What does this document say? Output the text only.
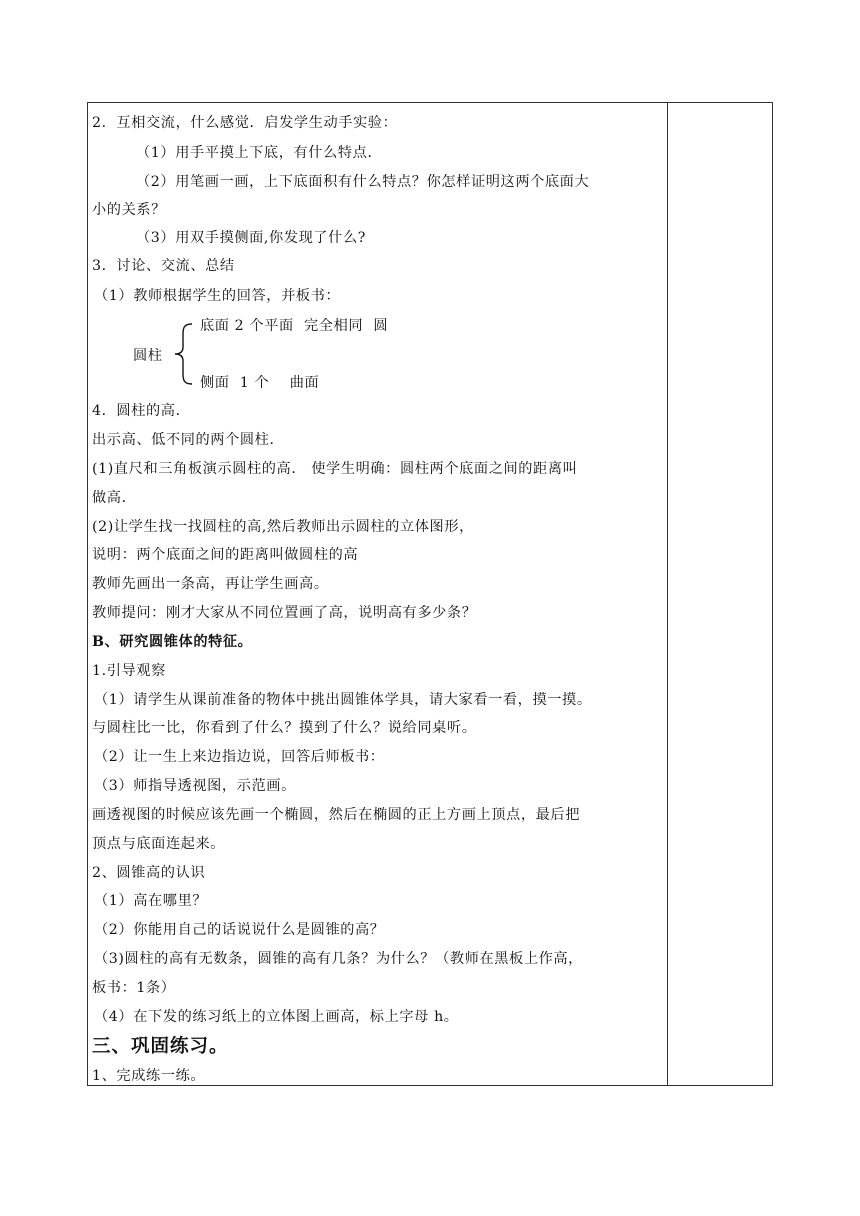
2．互相交流，什么感觉．启发学生动手实验：
（1）用手平摸上下底，有什么特点．
（2）用笔画一画，上下底面积有什么特点？你怎样证明这两个底面大
小的关系？
（3）用双手摸侧面,你发现了什么?
3．讨论、交流、总结
（1）教师根据学生的回答，并板书：
圆柱
底面 2 个平面  完全相同  圆
侧面  1 个    曲面
4．圆柱的高．
出示高、低不同的两个圆柱．
(1)直尺和三角板演示圆柱的高． 使学生明确：圆柱两个底面之间的距离叫
做高．
(2)让学生找一找圆柱的高,然后教师出示圆柱的立体图形，
说明：两个底面之间的距离叫做圆柱的高
教师先画出一条高，再让学生画高。
教师提问：刚才大家从不同位置画了高，说明高有多少条？
B、研究圆锥体的特征。
1.引导观察
（1）请学生从课前准备的物体中挑出圆锥体学具，请大家看一看，摸一摸。
与圆柱比一比，你看到了什么？摸到了什么？说给同桌听。
（2）让一生上来边指边说，回答后师板书：
（3）师指导透视图，示范画。
画透视图的时候应该先画一个椭圆，然后在椭圆的正上方画上顶点，最后把
顶点与底面连起来。
2、圆锥高的认识
（1）高在哪里？
（2）你能用自己的话说说什么是圆锥的高？
（3)圆柱的高有无数条，圆锥的高有几条？为什么？（教师在黑板上作高，
板书：1条）
（4）在下发的练习纸上的立体图上画高，标上字母 h。
三、巩固练习。
1、完成练一练。
